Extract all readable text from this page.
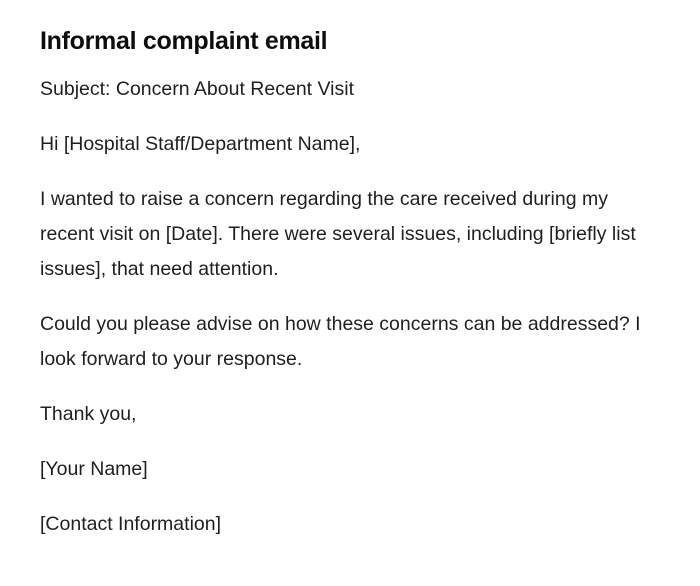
Informal complaint email

Subject: Concern About Recent Visit

Hi [Hospital Staff/Department Name],

I wanted to raise a concern regarding the care received during my recent visit on [Date]. There were several issues, including [briefly list issues], that need attention.

Could you please advise on how these concerns can be addressed? I look forward to your response.

Thank you,

[Your Name]

[Contact Information]
